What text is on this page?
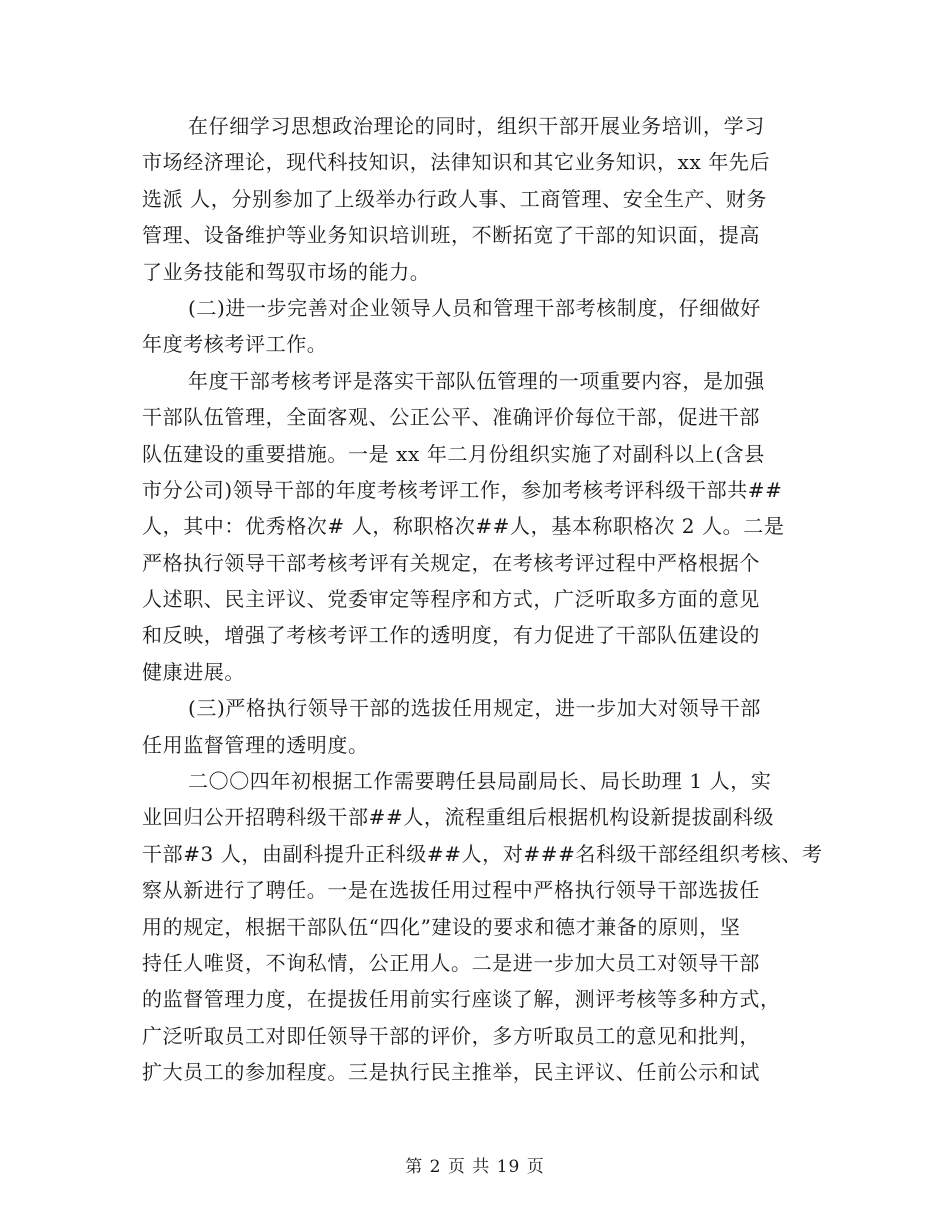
在仔细学习思想政治理论的同时，组织干部开展业务培训，学习
市场经济理论，现代科技知识，法律知识和其它业务知识，xx 年先后
选派 人，分别参加了上级举办行政人事、工商管理、安全生产、财务
管理、设备维护等业务知识培训班，不断拓宽了干部的知识面，提高
了业务技能和驾驭市场的能力。

(二)进一步完善对企业领导人员和管理干部考核制度，仔细做好
年度考核考评工作。

年度干部考核考评是落实干部队伍管理的一项重要内容，是加强
干部队伍管理，全面客观、公正公平、准确评价每位干部，促进干部
队伍建设的重要措施。一是 xx 年二月份组织实施了对副科以上(含县
市分公司)领导干部的年度考核考评工作，参加考核考评科级干部共##
人，其中：优秀格次# 人，称职格次##人，基本称职格次 2 人。二是
严格执行领导干部考核考评有关规定，在考核考评过程中严格根据个
人述职、民主评议、党委审定等程序和方式，广泛听取多方面的意见
和反映，增强了考核考评工作的透明度，有力促进了干部队伍建设的
健康进展。

(三)严格执行领导干部的选拔任用规定，进一步加大对领导干部
任用监督管理的透明度。

二〇〇四年初根据工作需要聘任县局副局长、局长助理 1 人，实
业回归公开招聘科级干部##人，流程重组后根据机构设新提拔副科级
干部#3 人，由副科提升正科级##人，对###名科级干部经组织考核、考
察从新进行了聘任。一是在选拔任用过程中严格执行领导干部选拔任
用的规定，根据干部队伍“四化”建设的要求和德才兼备的原则，坚
持任人唯贤，不询私情，公正用人。二是进一步加大员工对领导干部
的监督管理力度，在提拔任用前实行座谈了解，测评考核等多种方式，
广泛听取员工对即任领导干部的评价，多方听取员工的意见和批判，
扩大员工的参加程度。三是执行民主推举，民主评议、任前公示和试

第 2 页 共 19 页
